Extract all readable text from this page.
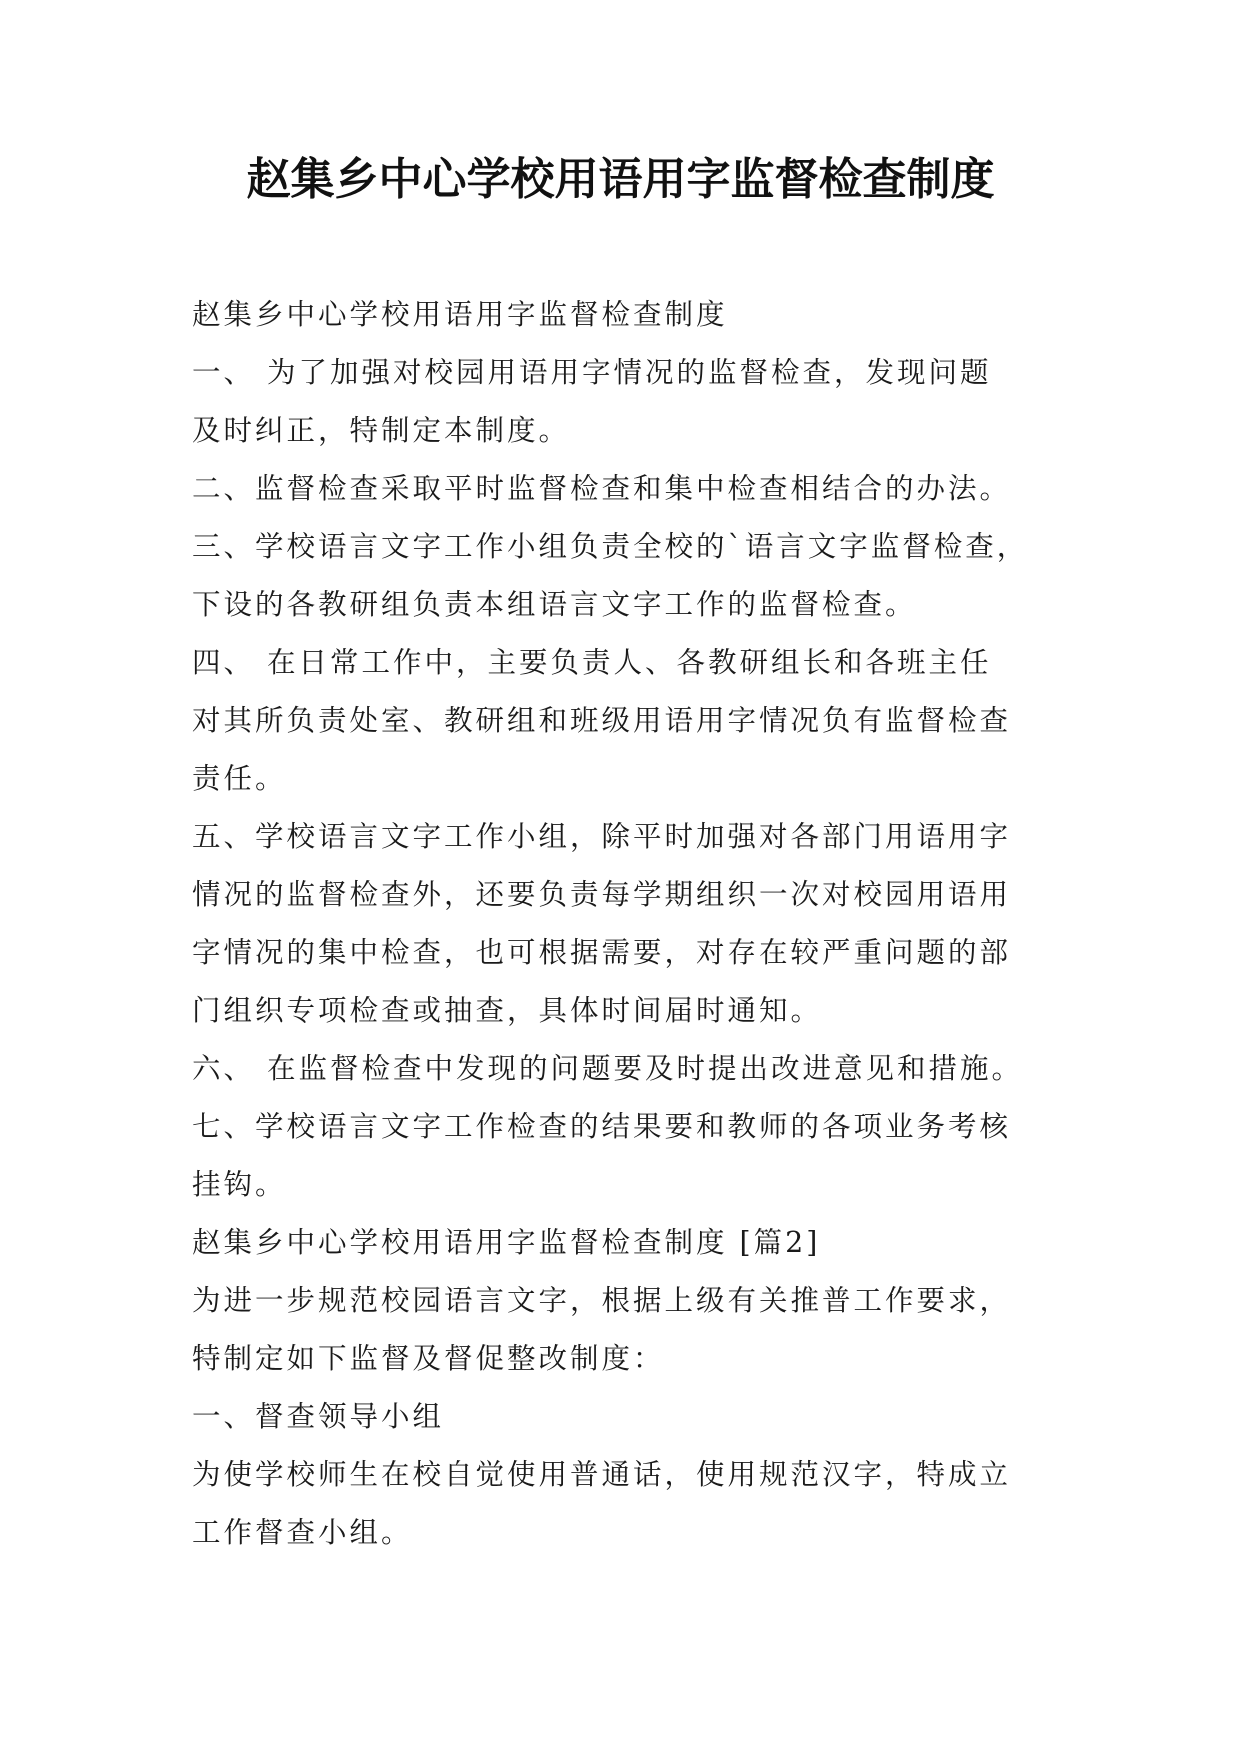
赵集乡中心学校用语用字监督检查制度
赵集乡中心学校用语用字监督检查制度
一、 为了加强对校园用语用字情况的监督检查，发现问题
及时纠正，特制定本制度。
二、监督检查采取平时监督检查和集中检查相结合的办法。
三、学校语言文字工作小组负责全校的`语言文字监督检查，
下设的各教研组负责本组语言文字工作的监督检查。
四、 在日常工作中，主要负责人、各教研组长和各班主任
对其所负责处室、教研组和班级用语用字情况负有监督检查
责任。
五、学校语言文字工作小组，除平时加强对各部门用语用字
情况的监督检查外，还要负责每学期组织一次对校园用语用
字情况的集中检查，也可根据需要，对存在较严重问题的部
门组织专项检查或抽查，具体时间届时通知。
六、 在监督检查中发现的问题要及时提出改进意见和措施。
七、学校语言文字工作检查的结果要和教师的各项业务考核
挂钩。
赵集乡中心学校用语用字监督检查制度 [篇2]
为进一步规范校园语言文字，根据上级有关推普工作要求，
特制定如下监督及督促整改制度：
一、督查领导小组
为使学校师生在校自觉使用普通话，使用规范汉字，特成立
工作督查小组。
